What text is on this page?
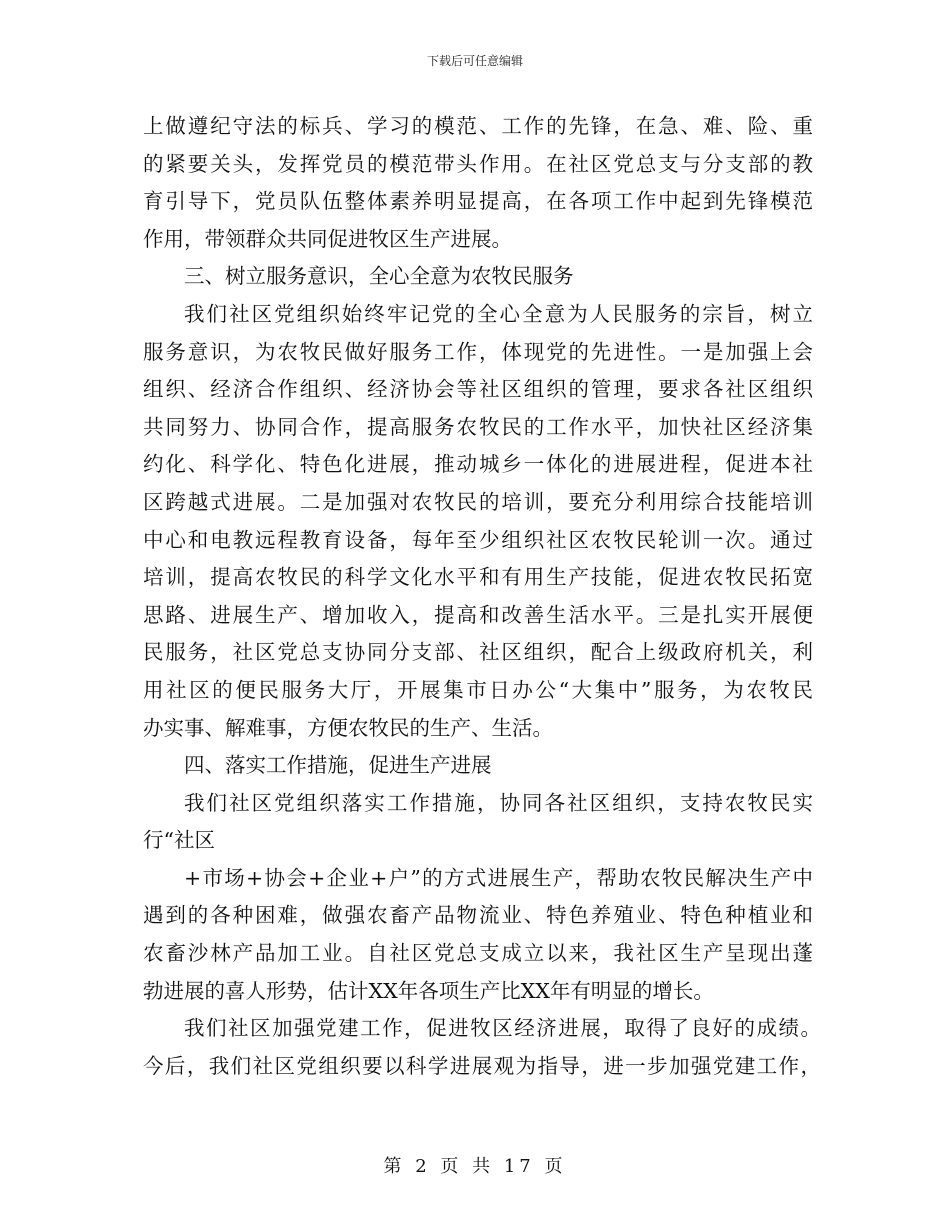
下载后可任意编辑
上做遵纪守法的标兵、学习的模范、工作的先锋，在急、难、险、重
的紧要关头，发挥党员的模范带头作用。在社区党总支与分支部的教
育引导下，党员队伍整体素养明显提高，在各项工作中起到先锋模范
作用，带领群众共同促进牧区生产进展。
三、树立服务意识，全心全意为农牧民服务
我们社区党组织始终牢记党的全心全意为人民服务的宗旨，树立
服务意识，为农牧民做好服务工作，体现党的先进性。一是加强上会
组织、经济合作组织、经济协会等社区组织的管理，要求各社区组织
共同努力、协同合作，提高服务农牧民的工作水平，加快社区经济集
约化、科学化、特色化进展，推动城乡一体化的进展进程，促进本社
区跨越式进展。二是加强对农牧民的培训，要充分利用综合技能培训
中心和电教远程教育设备，每年至少组织社区农牧民轮训一次。通过
培训，提高农牧民的科学文化水平和有用生产技能，促进农牧民拓宽
思路、进展生产、增加收入，提高和改善生活水平。三是扎实开展便
民服务，社区党总支协同分支部、社区组织，配合上级政府机关，利
用社区的便民服务大厅，开展集市日办公“大集中”服务，为农牧民
办实事、解难事，方便农牧民的生产、生活。
四、落实工作措施，促进生产进展
我们社区党组织落实工作措施，协同各社区组织，支持农牧民实
行“社区
+市场+协会+企业+户”的方式进展生产，帮助农牧民解决生产中
遇到的各种困难，做强农畜产品物流业、特色养殖业、特色种植业和
农畜沙林产品加工业。自社区党总支成立以来，我社区生产呈现出蓬
勃进展的喜人形势，估计XX年各项生产比XX年有明显的增长。
我们社区加强党建工作，促进牧区经济进展，取得了良好的成绩。
今后，我们社区党组织要以科学进展观为指导，进一步加强党建工作，
第 2 页 共 17 页
